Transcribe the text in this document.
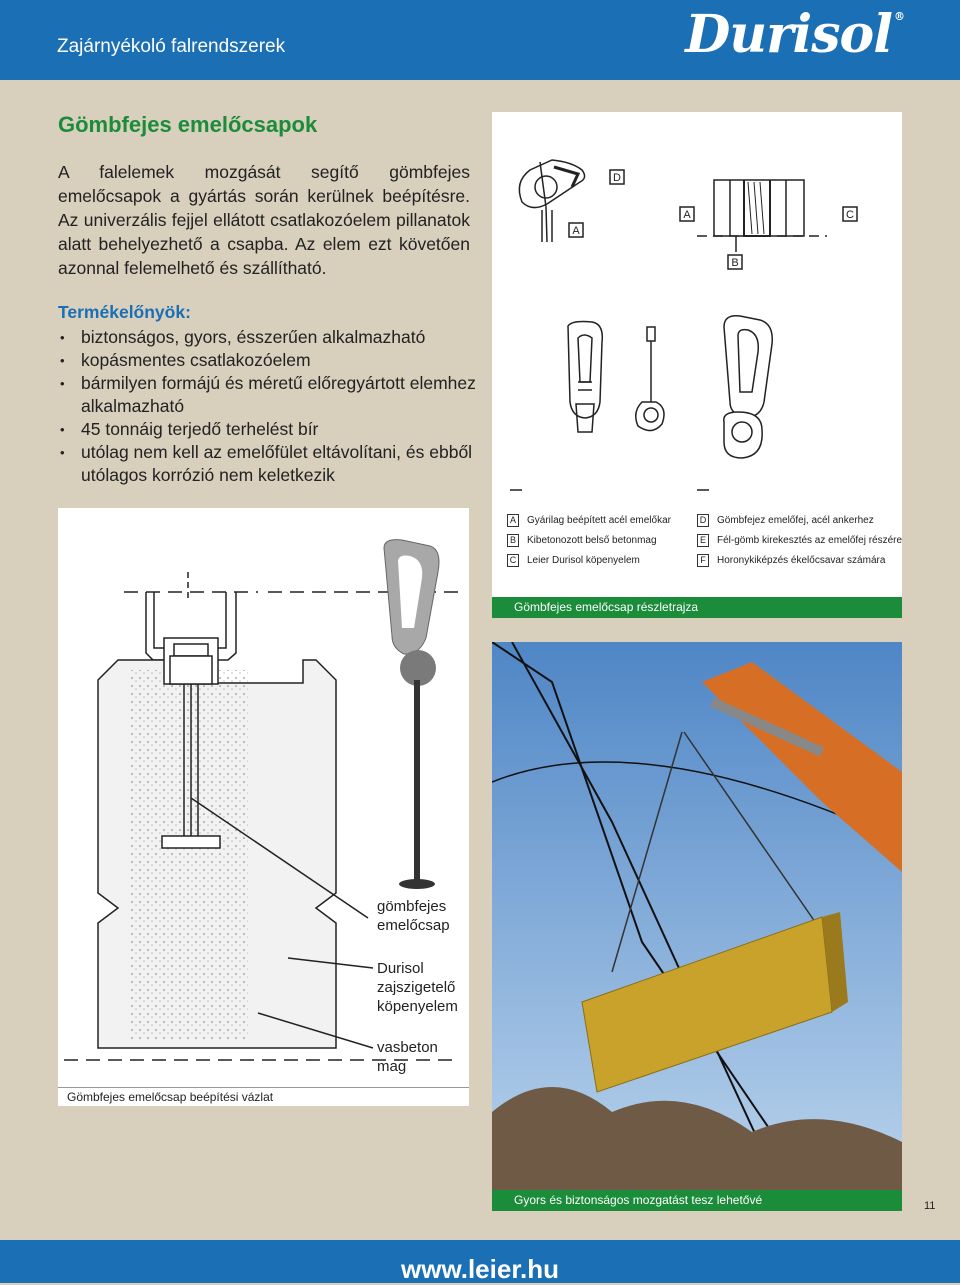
Zajárnyékoló falrendszerek	Durisol ®
Gömbfejes emelőcsapok
A falelemek mozgását segítő gömbfejes emelőcsapok a gyártás során kerülnek beépítésre. Az univerzális fejjel ellátott csatlakozóelem pillanatok alatt behelyezhető a csapba. Az elem ezt követően azonnal felemelhető és szállítható.
Termékelőnyök:
• biztonságos, gyors, ésszerűen alkalmazható
• kopásmentes csatlakozóelem
• bármilyen formájú és méretű előregyártott elemhez alkalmazható
• 45 tonnáig terjedő terhelést bír
• utólag nem kell az emelőfület eltávolítani, és ebből utólagos korrózió nem keletkezik
A
D
A	C
B
A Gyárilag beépített acél emelőkar
B Kibetonozott belső betonmag
C Leier Durisol köpenyelem
D Gömbfejez emelőfej, acél ankerhez
E Fél-gömb kirekesztés az emelőfej részére
F Horonykiképzés ékelőcsavar számára
Gömbfejes emelőcsap részletrajza
gömbfejes
emelőcsap
Durisol
zajszigetelő
köpenyelem
vasbeton
mag
Gömbfejes emelőcsap beépítési vázlat
Gyors és biztonságos mozgatást tesz lehetővé	11
www.leier.hu
